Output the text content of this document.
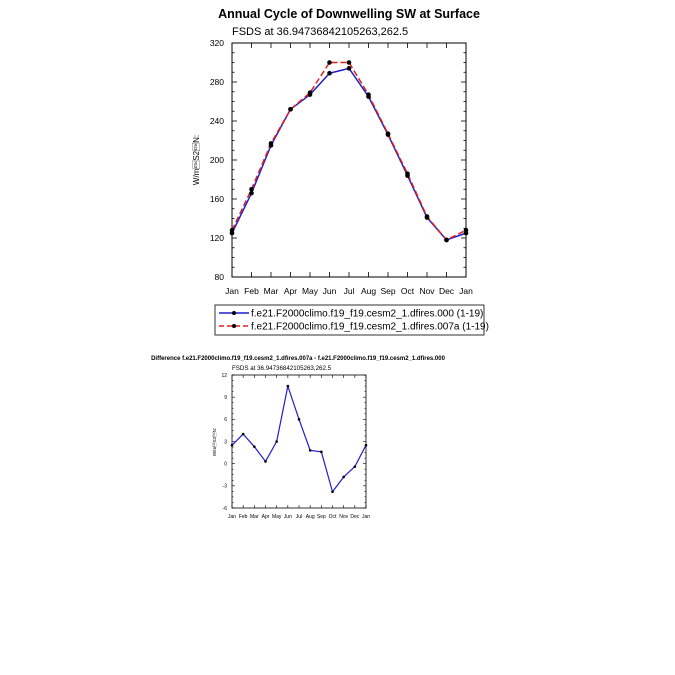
Annual Cycle of Downwelling SW at Surface
FSDS at 36.94736842105263,262.5
W/mS2N:
80
120
160
200
240
280
320
Jan Feb Mar Apr May Jun Jul Aug Sep Oct Nov Dec Jan
f.e21.F2000climo.f19_f19.cesm2_1.dfires.000 (1-19)
f.e21.F2000climo.f19_f19.cesm2_1.dfires.007a (1-19)
Difference f.e21.F2000climo.f19_f19.cesm2_1.dfires.007a - f.e21.F2000climo.f19_f19.cesm2_1.dfires.000
FSDS at 36.94736842105263,262.5
W/mS2N:
-6
-3
0
3
6
9
12
Jan Feb Mar Apr May Jun Jul Aug Sep Oct Nov Dec Jan
